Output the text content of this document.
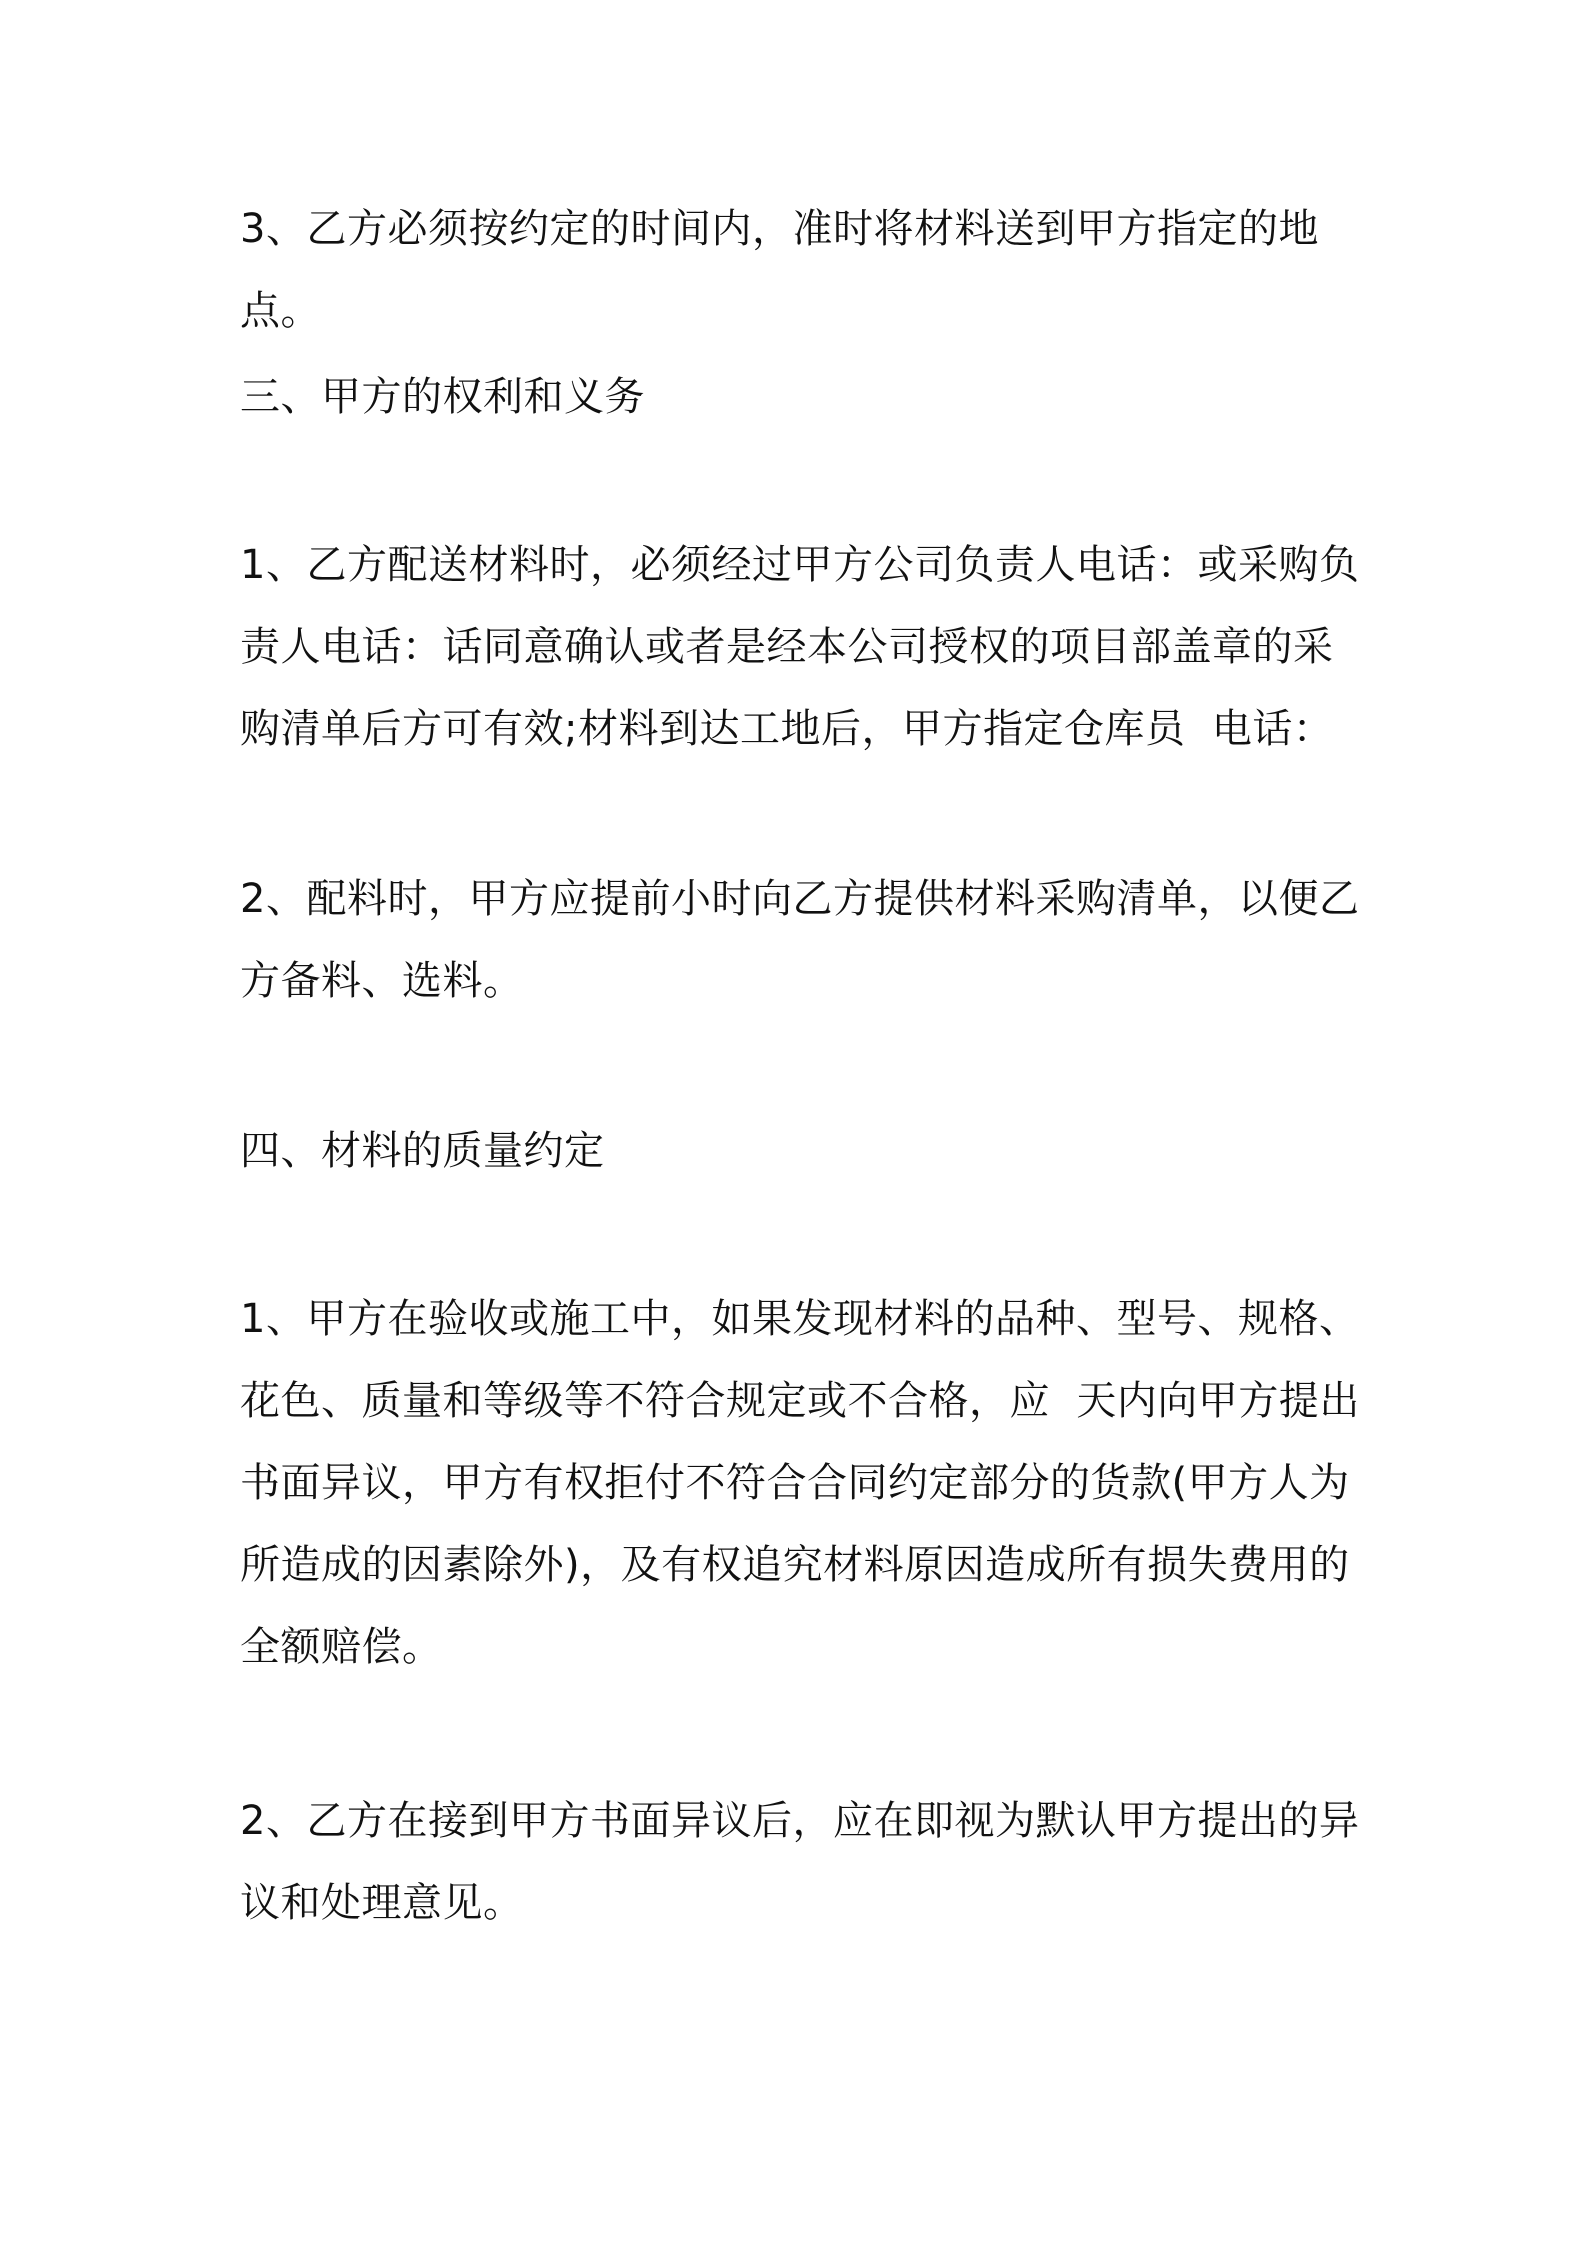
3、乙方必须按约定的时间内，准时将材料送到甲方指定的地点。

三、甲方的权利和义务

1、乙方配送材料时，必须经过甲方公司负责人电话：或采购负责人电话：话同意确认或者是经本公司授权的项目部盖章的采购清单后方可有效;材料到达工地后，甲方指定仓库员  电话：

2、配料时，甲方应提前小时向乙方提供材料采购清单，以便乙方备料、选料。

四、材料的质量约定

1、甲方在验收或施工中，如果发现材料的品种、型号、规格、花色、质量和等级等不符合规定或不合格，应  天内向甲方提出书面异议，甲方有权拒付不符合合同约定部分的货款(甲方人为所造成的因素除外)，及有权追究材料原因造成所有损失费用的全额赔偿。

2、乙方在接到甲方书面异议后，应在即视为默认甲方提出的异议和处理意见。
